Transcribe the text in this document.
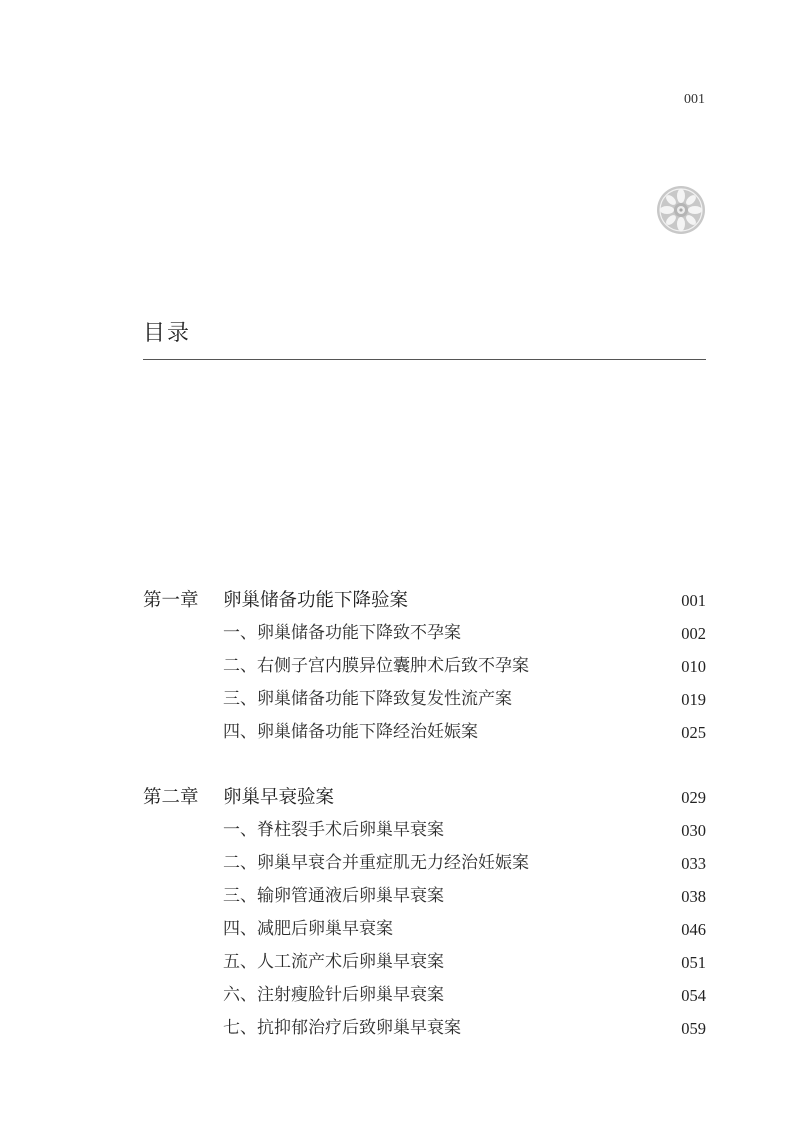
001
目录
第一章 卵巢储备功能下降验案	001
一、卵巢储备功能下降致不孕案	002
二、右侧子宫内膜异位囊肿术后致不孕案	010
三、卵巢储备功能下降致复发性流产案	019
四、卵巢储备功能下降经治妊娠案	025
第二章 卵巢早衰验案	029
一、脊柱裂手术后卵巢早衰案	030
二、卵巢早衰合并重症肌无力经治妊娠案	033
三、输卵管通液后卵巢早衰案	038
四、减肥后卵巢早衰案	046
五、人工流产术后卵巢早衰案	051
六、注射瘦脸针后卵巢早衰案	054
七、抗抑郁治疗后致卵巢早衰案	059
